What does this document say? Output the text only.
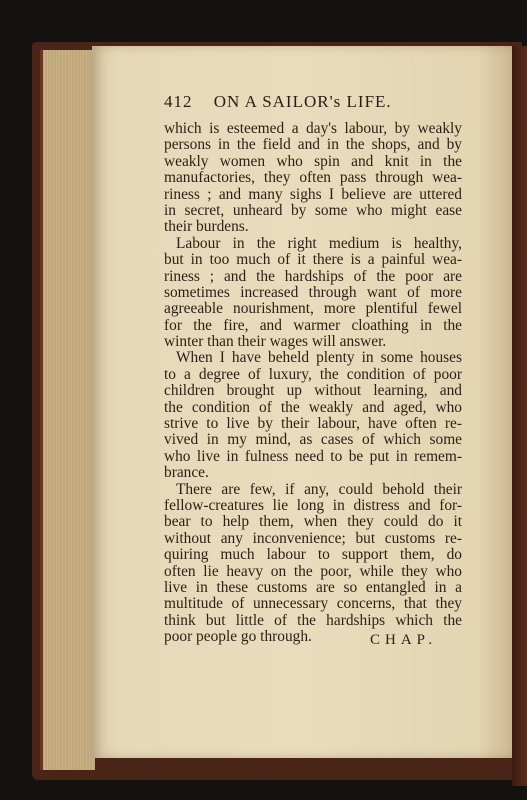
412 ON A SAILOR's LIFE.
which is esteemed a day's labour, by weakly
persons in the field and in the shops, and by
weakly women who spin and knit in the
manufactories, they often pass through wea-
riness ; and many sighs I believe are uttered
in secret, unheard by some who might ease
their burdens.
Labour in the right medium is healthy,
but in too much of it there is a painful wea-
riness ; and the hardships of the poor are
sometimes increased through want of more
agreeable nourishment, more plentiful fewel
for the fire, and warmer cloathing in the
winter than their wages will answer.
When I have beheld plenty in some houses
to a degree of luxury, the condition of poor
children brought up without learning, and
the condition of the weakly and aged, who
strive to live by their labour, have often re-
vived in my mind, as cases of which some
who live in fulness need to be put in remem-
brance.
There are few, if any, could behold their
fellow-creatures lie long in distress and for-
bear to help them, when they could do it
without any inconvenience; but customs re-
quiring much labour to support them, do
often lie heavy on the poor, while they who
live in these customs are so entangled in a
multitude of unnecessary concerns, that they
think but little of the hardships which the
poor people go through.	CHAP.
